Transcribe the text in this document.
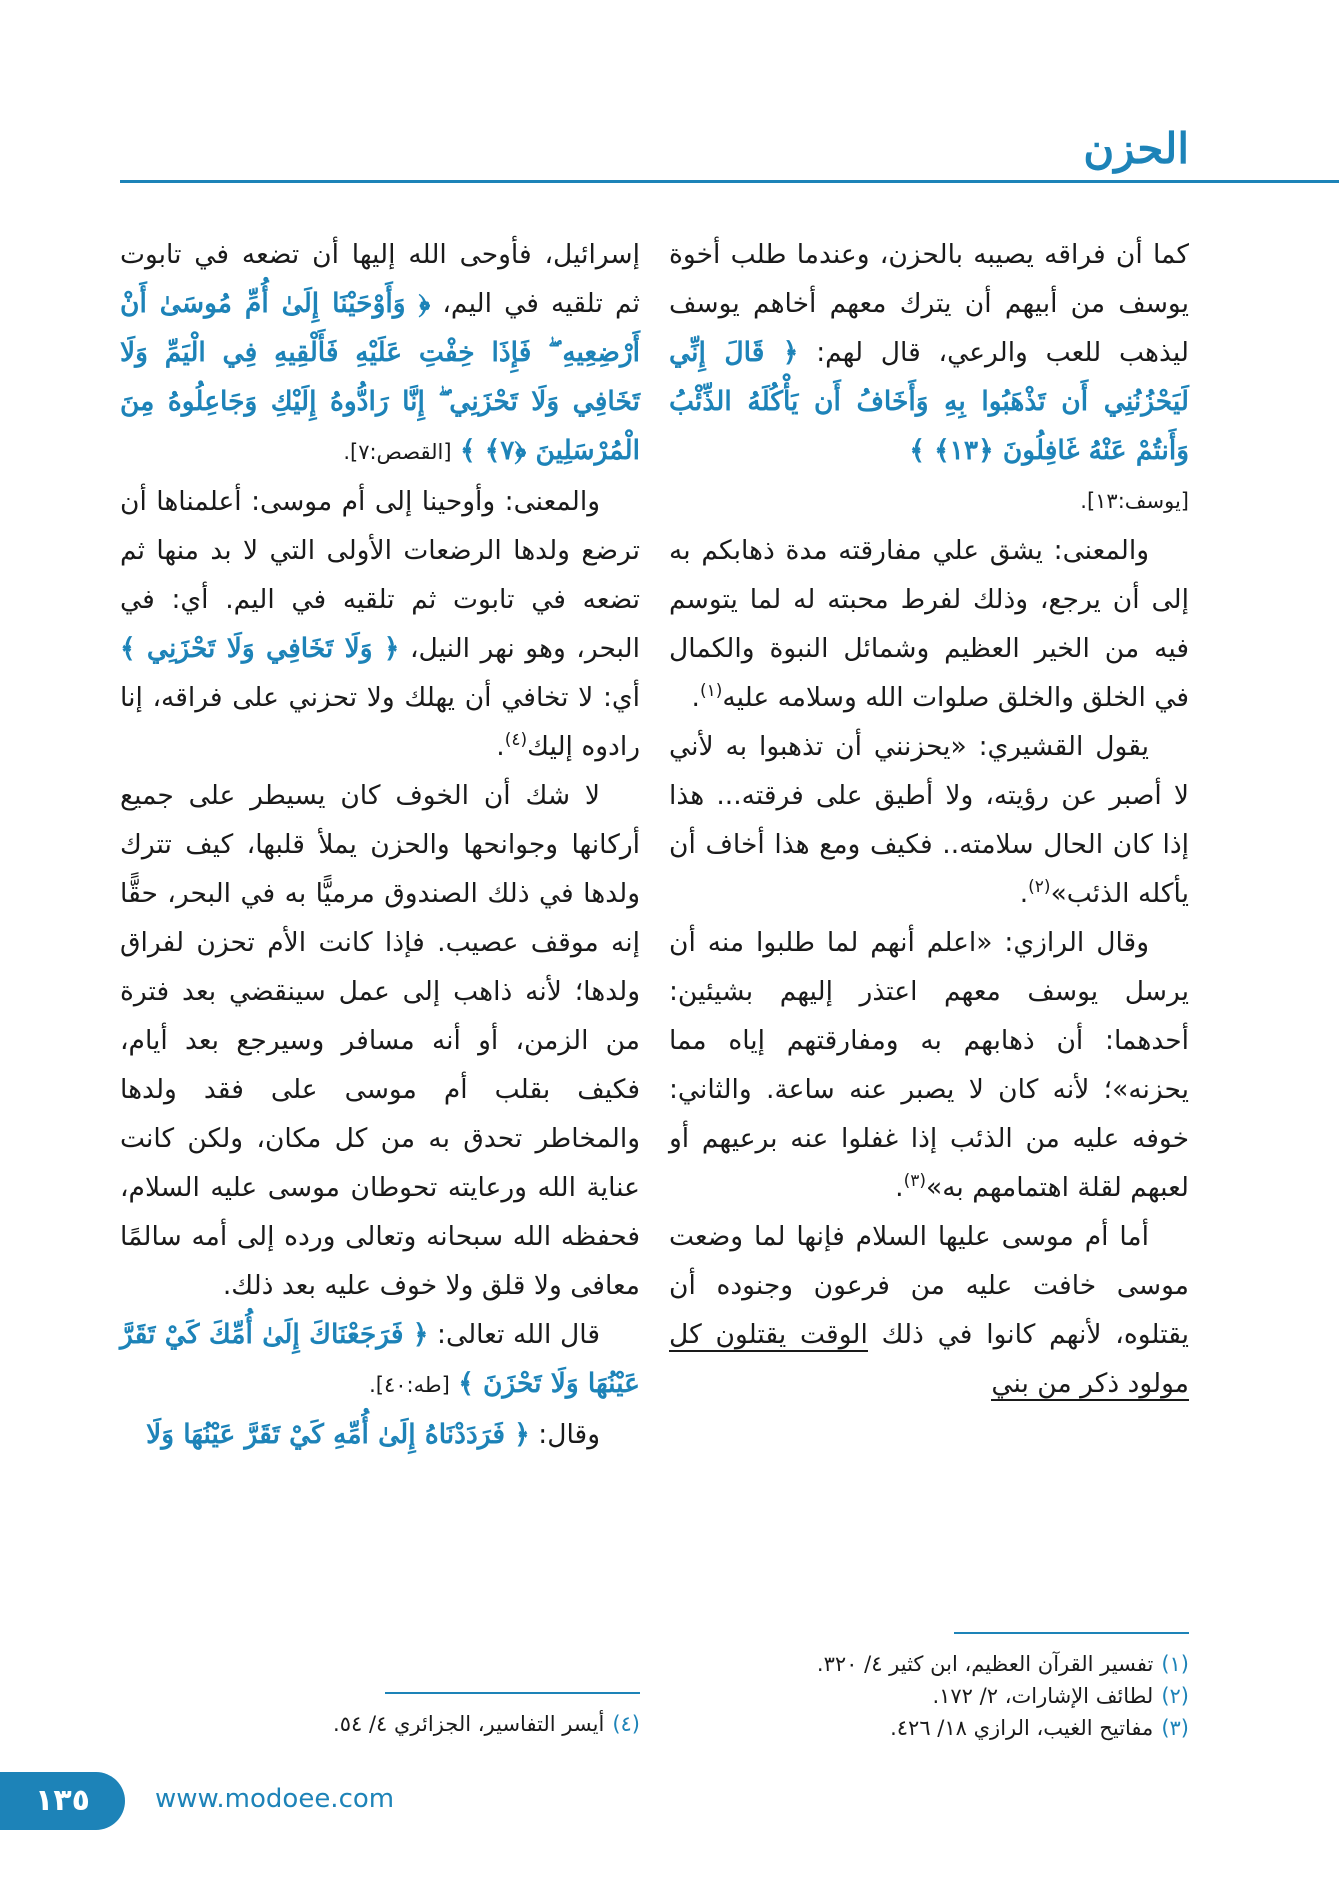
الحزن

كما أن فراقه يصيبه بالحزن، وعندما طلب أخوة يوسف من أبيهم أن يترك معهم أخاهم يوسف ليذهب للعب والرعي، قال لهم: ﴿ قَالَ إِنِّي لَيَحْزُنُنِي أَن تَذْهَبُوا بِهِ وَأَخَافُ أَن يَأْكُلَهُ الذِّئْبُ وَأَنتُمْ عَنْهُ غَافِلُونَ ﴿١٣﴾ ﴾

[يوسف:١٣].

والمعنى: يشق علي مفارقته مدة ذهابكم به إلى أن يرجع، وذلك لفرط محبته له لما يتوسم فيه من الخير العظيم وشمائل النبوة والكمال في الخلق والخلق صلوات الله وسلامه عليه$^{(١)}$.

يقول القشيري: «يحزنني أن تذهبوا به لأني لا أصبر عن رؤيته، ولا أطيق على فرقته... هذا إذا كان الحال سلامته.. فكيف ومع هذا أخاف أن يأكله الذئب»$^{(٢)}$.

وقال الرازي: «اعلم أنهم لما طلبوا منه أن يرسل يوسف معهم اعتذر إليهم بشيئين: أحدهما: أن ذهابهم به ومفارقتهم إياه مما يحزنه»؛ لأنه كان لا يصبر عنه ساعة. والثاني: خوفه عليه من الذئب إذا غفلوا عنه برعيهم أو لعبهم لقلة اهتمامهم به»$^{(٣)}$.

أما أم موسى عليها السلام فإنها لما وضعت موسى خافت عليه من فرعون وجنوده أن يقتلوه، لأنهم كانوا في ذلك الوقت يقتلون كل مولود ذكر من بني

(١)تفسير القرآن العظيم، ابن كثير ٤/ ٣٢٠.
(٢)لطائف الإشارات، ٢/ ١٧٢.
(٣)مفاتيح الغيب، الرازي ١٨/ ٤٢٦.

إسرائيل، فأوحى الله إليها أن تضعه في تابوت ثم تلقيه في اليم، ﴿ وَأَوْحَيْنَا إِلَىٰ أُمِّ مُوسَىٰ أَنْ أَرْضِعِيهِ ۖ فَإِذَا خِفْتِ عَلَيْهِ فَأَلْقِيهِ فِي الْيَمِّ وَلَا تَخَافِي وَلَا تَحْزَنِي ۖ إِنَّا رَادُّوهُ إِلَيْكِ وَجَاعِلُوهُ مِنَ الْمُرْسَلِينَ ﴿٧﴾ ﴾ [القصص:٧].

والمعنى: وأوحينا إلى أم موسى: أعلمناها أن ترضع ولدها الرضعات الأولى التي لا بد منها ثم تضعه في تابوت ثم تلقيه في اليم. أي: في البحر، وهو نهر النيل، ﴿ وَلَا تَخَافِي وَلَا تَحْزَنِي ﴾ أي: لا تخافي أن يهلك ولا تحزني على فراقه، إنا رادوه إليك$^{(٤)}$.

لا شك أن الخوف كان يسيطر على جميع أركانها وجوانحها والحزن يملأ قلبها، كيف تترك ولدها في ذلك الصندوق مرميًّا به في البحر، حقًّا إنه موقف عصيب. فإذا كانت الأم تحزن لفراق ولدها؛ لأنه ذاهب إلى عمل سينقضي بعد فترة من الزمن، أو أنه مسافر وسيرجع بعد أيام، فكيف بقلب أم موسى على فقد ولدها والمخاطر تحدق به من كل مكان، ولكن كانت عناية الله ورعايته تحوطان موسى عليه السلام، فحفظه الله سبحانه وتعالى ورده إلى أمه سالمًا معافى ولا قلق ولا خوف عليه بعد ذلك.

قال الله تعالى: ﴿ فَرَجَعْنَاكَ إِلَىٰ أُمِّكَ كَيْ تَقَرَّ عَيْنُهَا وَلَا تَحْزَنَ ﴾ [طه:٤٠].

وقال: ﴿ فَرَدَدْنَاهُ إِلَىٰ أُمِّهِ كَيْ تَقَرَّ عَيْنُهَا وَلَا

(٤)أيسر التفاسير، الجزائري ٤/ ٥٤.
١٣٥	www.modoee.com
